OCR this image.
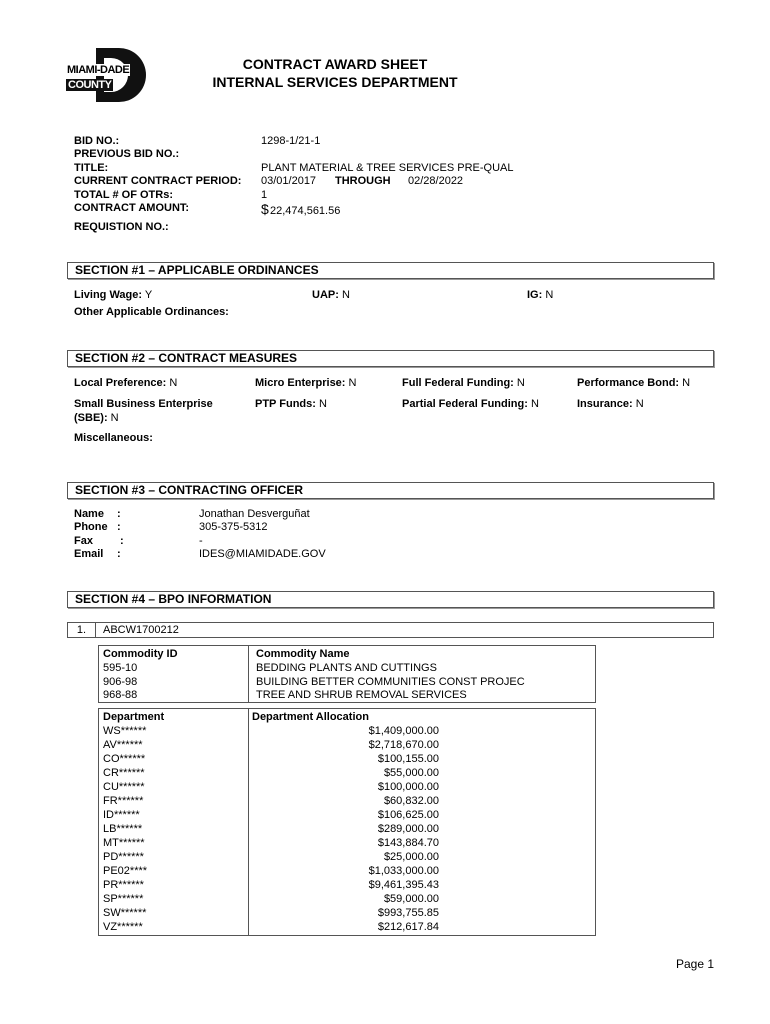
MIAMI-DADE
COUNTY
CONTRACT AWARD SHEET
INTERNAL SERVICES DEPARTMENT
BID NO.:	1298-1/21-1
PREVIOUS BID NO.:
TITLE:	PLANT MATERIAL & TREE SERVICES PRE-QUAL
CURRENT CONTRACT PERIOD: 03/01/2017 THROUGH 02/28/2022
TOTAL # OF OTRs:	1
CONTRACT AMOUNT:	$ 22,474,561.56
REQUISTION NO.:
SECTION #1 – APPLICABLE ORDINANCES
Living Wage: Y	UAP: N	IG: N
Other Applicable Ordinances:
SECTION #2 – CONTRACT MEASURES
Local Preference: N	Micro Enterprise: N	Full Federal Funding: N	Performance Bond: N
Small Business Enterprise
(SBE): N
PTP Funds: N	Partial Federal Funding: N	Insurance: N
Miscellaneous:
SECTION #3 – CONTRACTING OFFICER
Name :	Jonathan Desverguñat
Phone :	305-375-5312
Fax :	-
Email :	IDES@MIAMIDADE.GOV
SECTION #4 – BPO INFORMATION
1.	ABCW1700212
Commodity ID	Commodity Name
595-10	BEDDING PLANTS AND CUTTINGS
906-98	BUILDING BETTER COMMUNITIES CONST PROJEC
968-88	TREE AND SHRUB REMOVAL SERVICES
Department	Department Allocation
WS******	$1,409,000.00
AV******	$2,718,670.00
CO******	$100,155.00
CR******	$55,000.00
CU******	$100,000.00
FR******	$60,832.00
ID******	$106,625.00
LB******	$289,000.00
MT******	$143,884.70
PD******	$25,000.00
PE02****	$1,033,000.00
PR******	$9,461,395.43
SP******	$59,000.00
SW******	$993,755.85
VZ******	$212,617.84
Page 1
